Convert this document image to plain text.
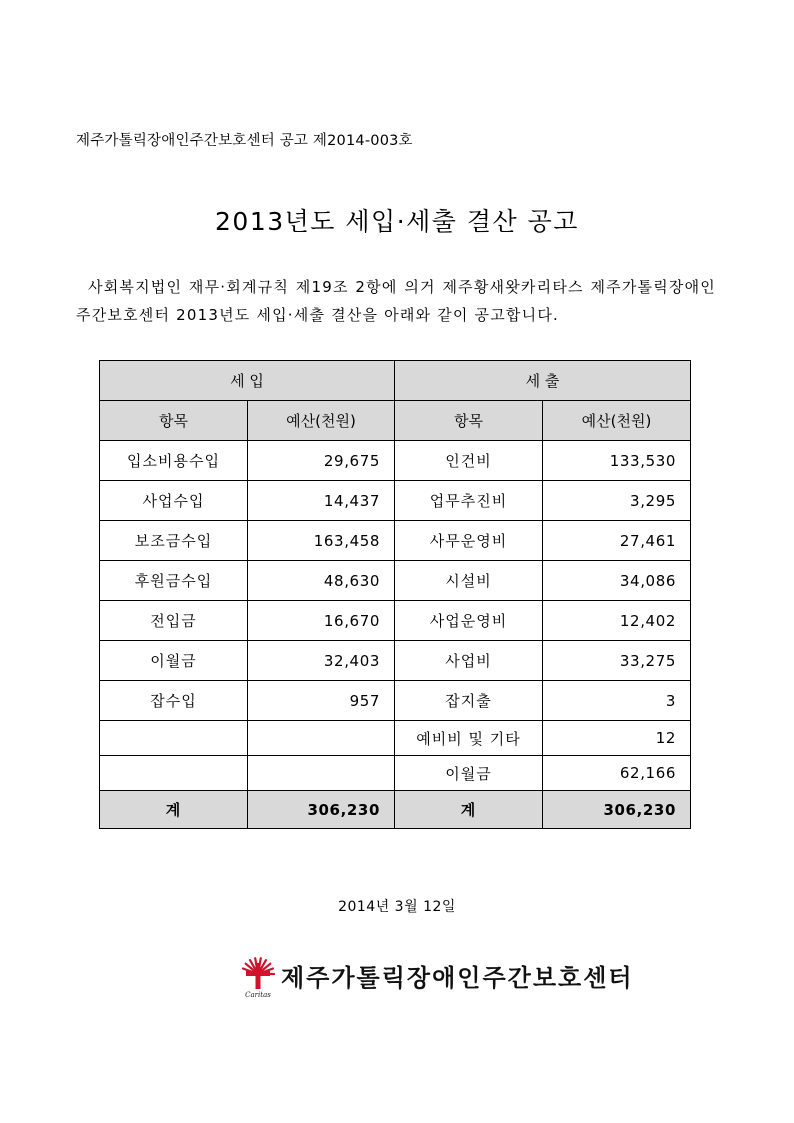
제주가톨릭장애인주간보호센터 공고 제2014-003호
2013년도 세입·세출 결산 공고
사회복지법인 재무·회계규칙 제19조 2항에 의거 제주황새왓카리타스 제주가톨릭장애인주간보호센터 2013년도 세입·세출 결산을 아래와 같이 공고합니다.
세 입		세 출	
항목	예산(천원)	항목	예산(천원)
입소비용수입	29,675	인건비	133,530
사업수입	14,437	업무추진비	3,295
보조금수입	163,458	사무운영비	27,461
후원금수입	48,630	시설비	34,086
전입금	16,670	사업운영비	12,402
이월금	32,403	사업비	33,275
잡수입	957	잡지출	3
		예비비 및 기타	12
		이월금	62,166
계	306,230	계	306,230
2014년 3월 12일
Caritas
제주가톨릭장애인주간보호센터
